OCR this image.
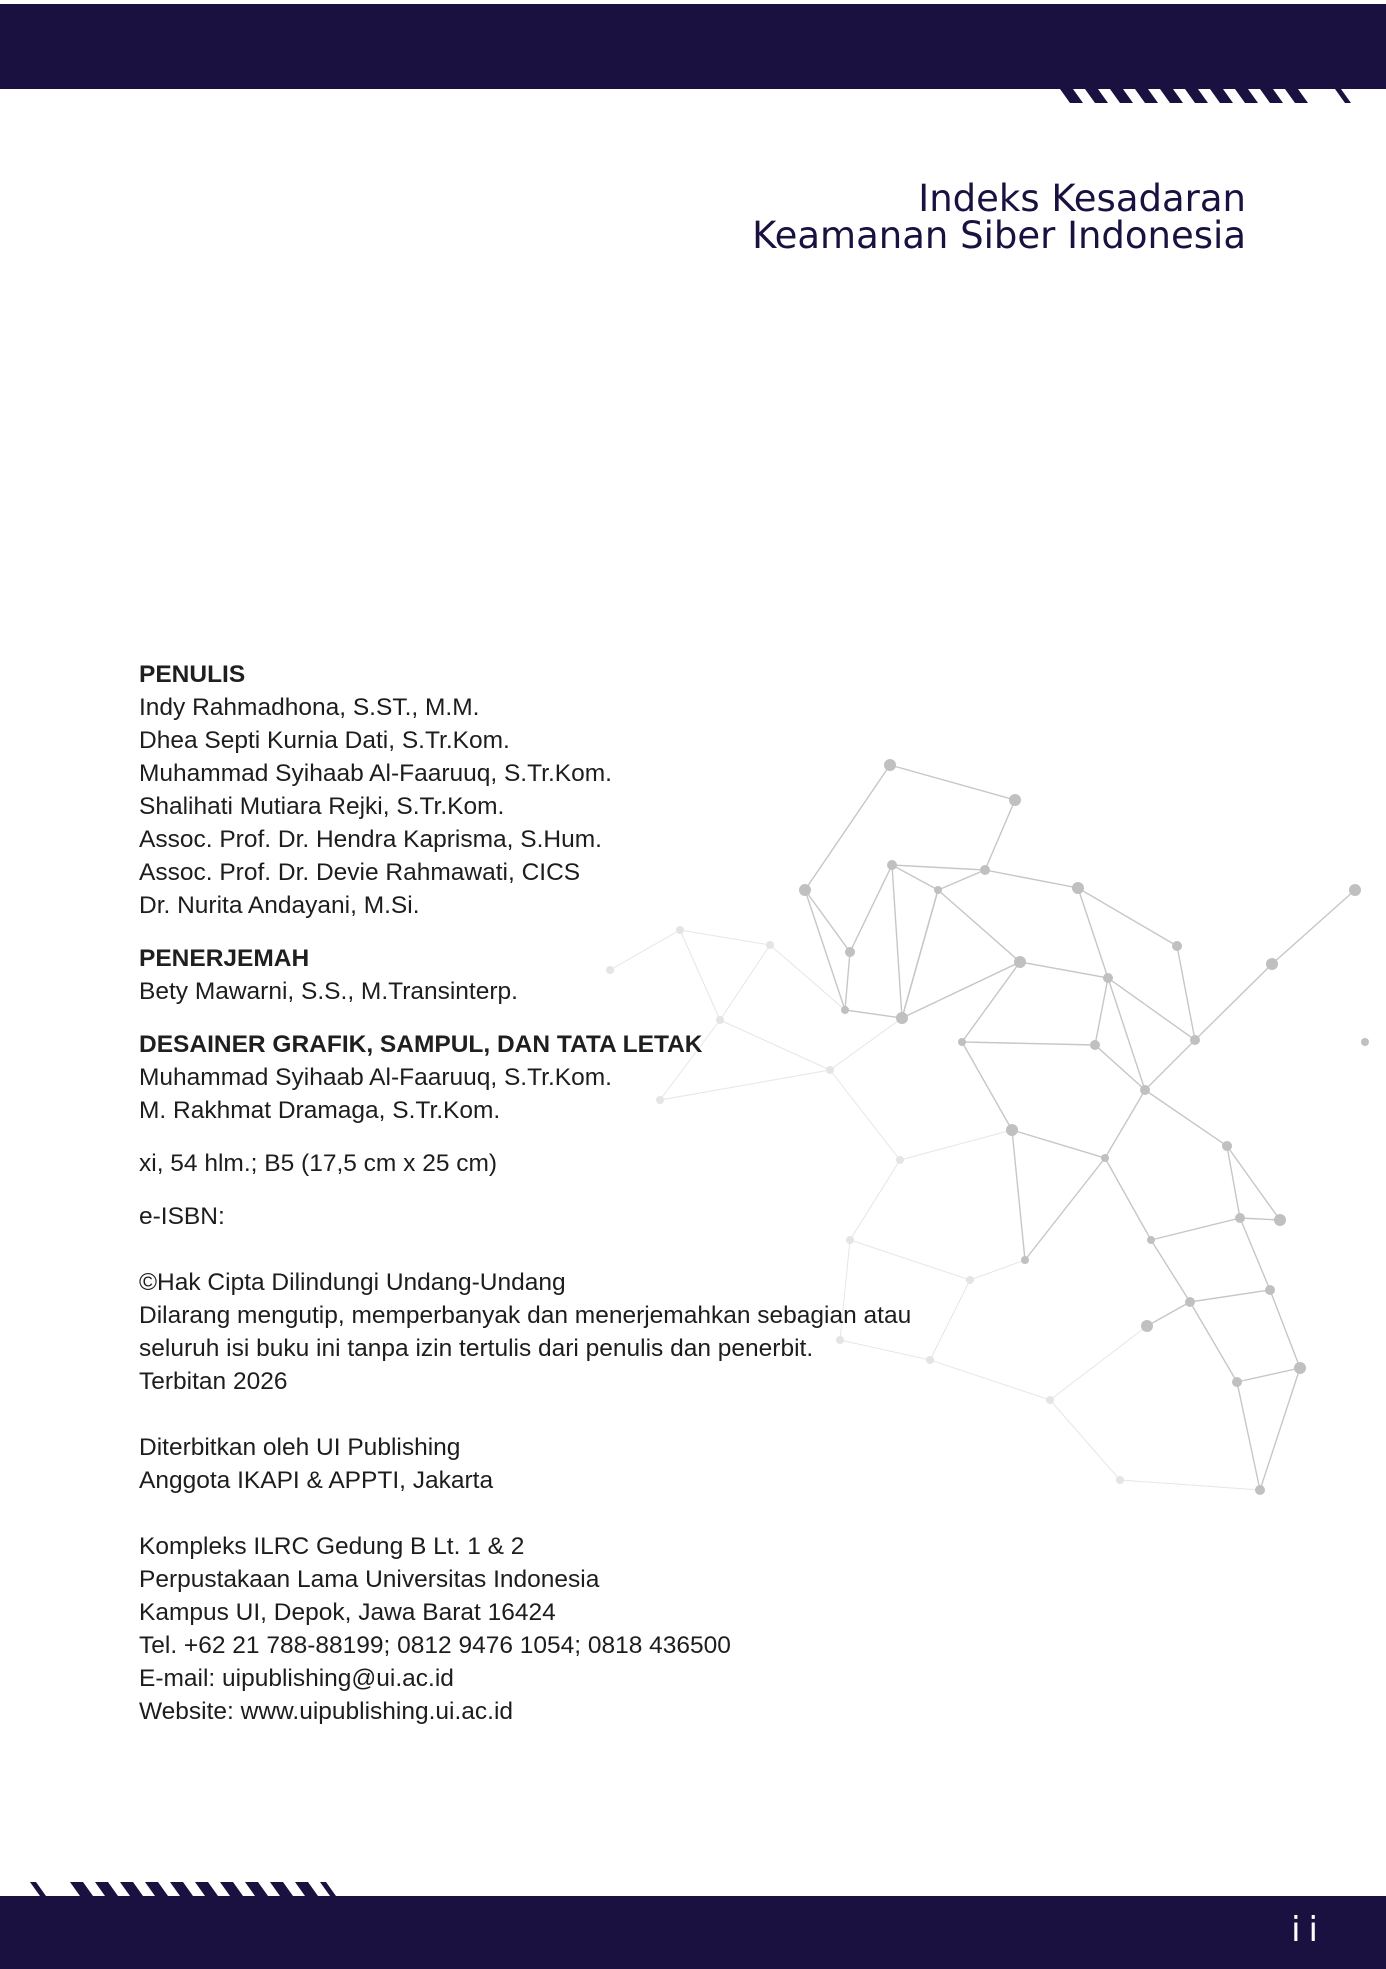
Indeks Kesadaran
Keamanan Siber Indonesia
PENULIS
Indy Rahmadhona, S.ST., M.M.
Dhea Septi Kurnia Dati, S.Tr.Kom.
Muhammad Syihaab Al-Faaruuq, S.Tr.Kom.
Shalihati Mutiara Rejki, S.Tr.Kom.
Assoc. Prof. Dr. Hendra Kaprisma, S.Hum.
Assoc. Prof. Dr. Devie Rahmawati, CICS
Dr. Nurita Andayani, M.Si.
PENERJEMAH
Bety Mawarni, S.S., M.Transinterp.
DESAINER GRAFIK, SAMPUL, DAN TATA LETAK
Muhammad Syihaab Al-Faaruuq, S.Tr.Kom.
M. Rakhmat Dramaga, S.Tr.Kom.
xi, 54 hlm.; B5 (17,5 cm x 25 cm)
e-ISBN:
©Hak Cipta Dilindungi Undang-Undang
Dilarang mengutip, memperbanyak dan menerjemahkan sebagian atau
seluruh isi buku ini tanpa izin tertulis dari penulis dan penerbit.
Terbitan 2026
Diterbitkan oleh UI Publishing
Anggota IKAPI & APPTI, Jakarta
Kompleks ILRC Gedung B Lt. 1 & 2
Perpustakaan Lama Universitas Indonesia
Kampus UI, Depok, Jawa Barat 16424
Tel. +62 21 788-88199; 0812 9476 1054; 0818 436500
E-mail: uipublishing@ui.ac.id
Website: www.uipublishing.ui.ac.id
ii
